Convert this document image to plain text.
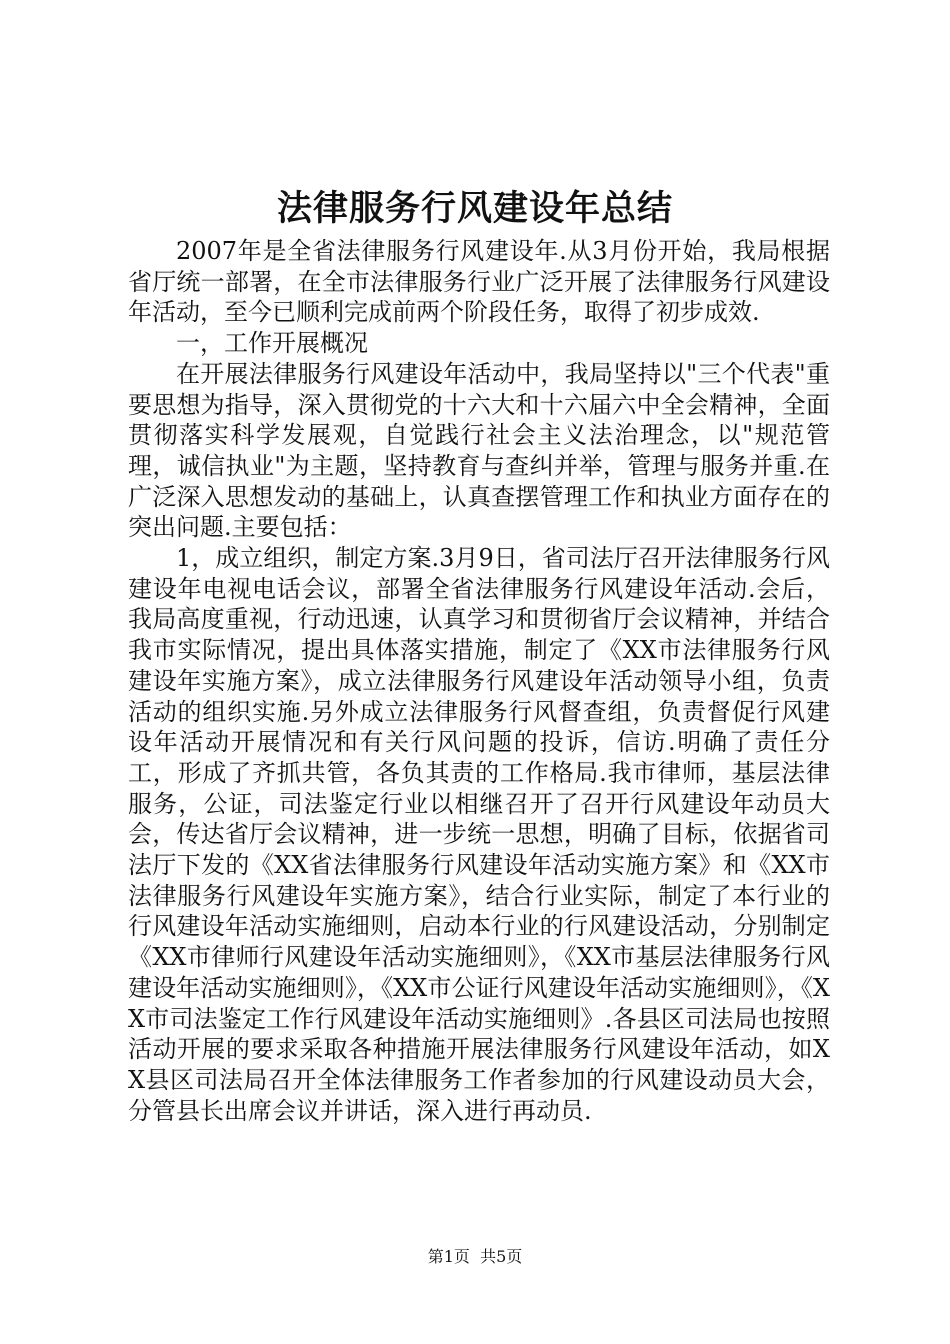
法律服务行风建设年总结

2007年是全省法律服务行风建设年.从3月份开始，我局根据省厅统一部署，在全市法律服务行业广泛开展了法律服务行风建设年活动，至今已顺利完成前两个阶段任务，取得了初步成效.

一，工作开展概况

在开展法律服务行风建设年活动中，我局坚持以"三个代表"重要思想为指导，深入贯彻党的十六大和十六届六中全会精神，全面贯彻落实科学发展观，自觉践行社会主义法治理念，以"规范管理，诚信执业"为主题，坚持教育与查纠并举，管理与服务并重.在广泛深入思想发动的基础上，认真查摆管理工作和执业方面存在的突出问题.主要包括：

1，成立组织，制定方案.3月9日，省司法厅召开法律服务行风建设年电视电话会议，部署全省法律服务行风建设年活动.会后，我局高度重视，行动迅速，认真学习和贯彻省厅会议精神，并结合我市实际情况，提出具体落实措施，制定了《XX市法律服务行风建设年实施方案》，成立法律服务行风建设年活动领导小组，负责活动的组织实施.另外成立法律服务行风督查组，负责督促行风建设年活动开展情况和有关行风问题的投诉，信访.明确了责任分工，形成了齐抓共管，各负其责的工作格局.我市律师，基层法律服务，公证，司法鉴定行业以相继召开了召开行风建设年动员大会，传达省厅会议精神，进一步统一思想，明确了目标，依据省司法厅下发的《XX省法律服务行风建设年活动实施方案》和《XX市法律服务行风建设年实施方案》，结合行业实际，制定了本行业的行风建设年活动实施细则，启动本行业的行风建设活动，分别制定《XX市律师行风建设年活动实施细则》，《XX市基层法律服务行风建设年活动实施细则》，《XX市公证行风建设年活动实施细则》，《XX市司法鉴定工作行风建设年活动实施细则》.各县区司法局也按照活动开展的要求采取各种措施开展法律服务行风建设年活动，如XX县区司法局召开全体法律服务工作者参加的行风建设动员大会，分管县长出席会议并讲话，深入进行再动员.

第1页 共5页
